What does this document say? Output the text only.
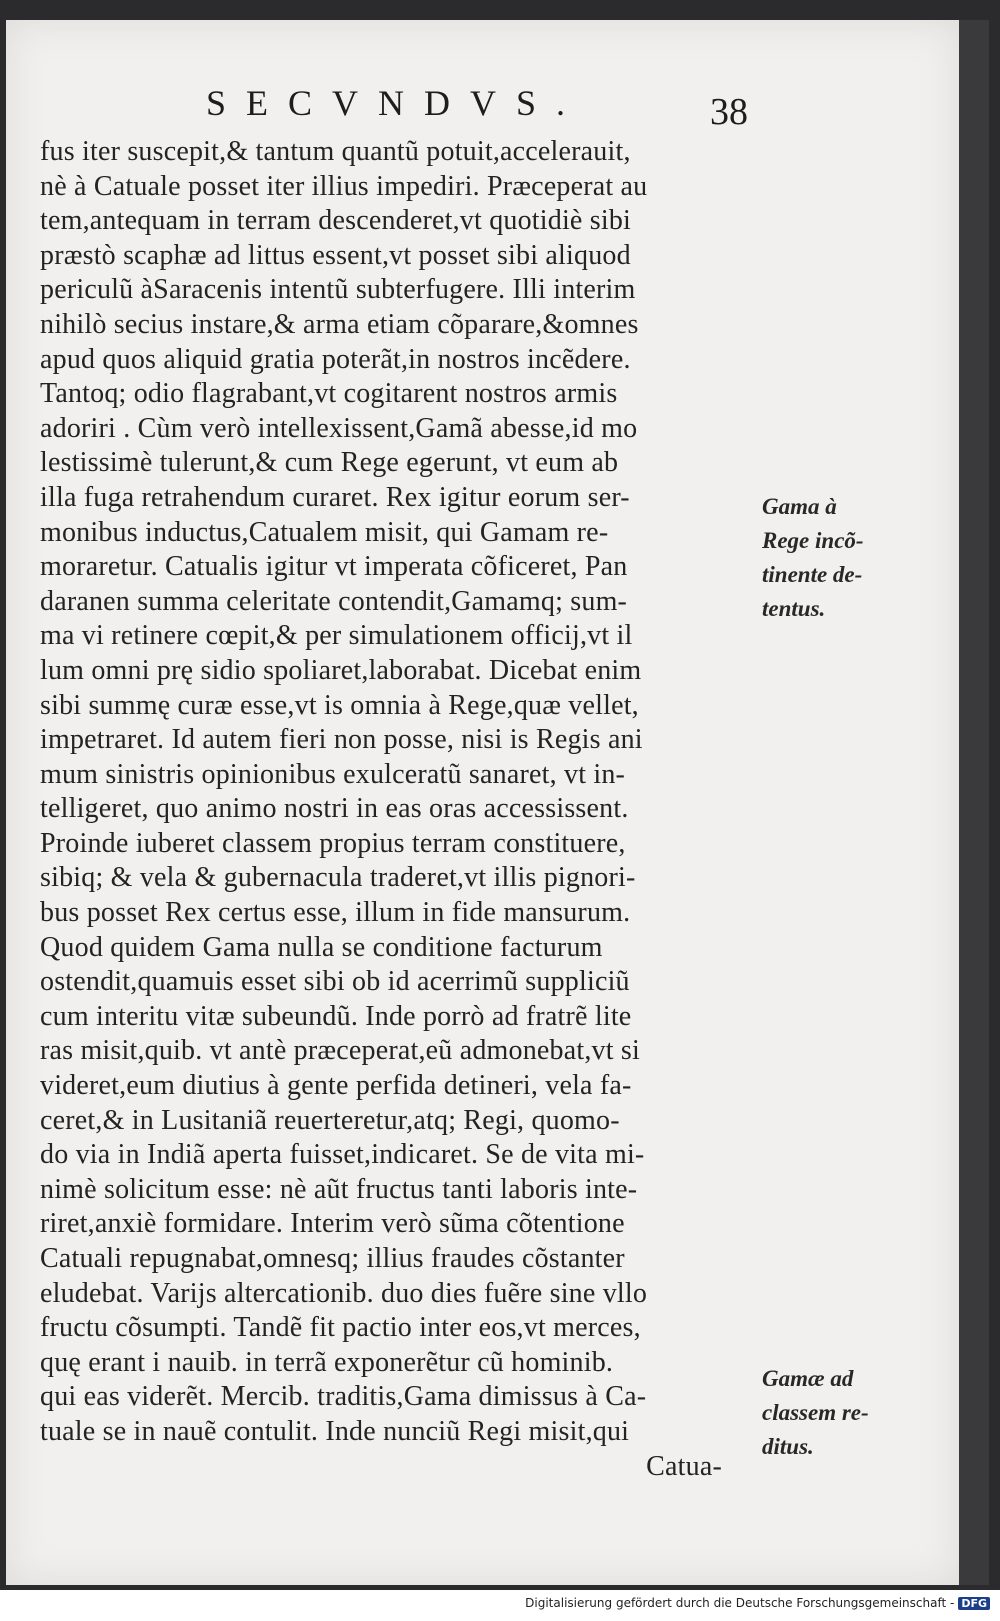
SECVNDVS.	38
fus iter suscepit,& tantum quantũ potuit,accelerauit,
nè à Catuale posset iter illius impediri. Præceperat au
tem,antequam in terram descenderet,vt quotidiè sibi
præstò scaphæ ad littus essent,vt posset sibi aliquod
periculũ àSaracenis intentũ subterfugere. Illi interim
nihilò secius instare,& arma etiam cõparare,&omnes
apud quos aliquid gratia poterãt,in nostros incẽdere.
Tantoq; odio flagrabant,vt cogitarent nostros armis
adoriri . Cùm verò intellexissent,Gamã abesse,id mo
lestissimè tulerunt,& cum Rege egerunt, vt eum ab
illa fuga retrahendum curaret. Rex igitur eorum ser-
monibus inductus,Catualem misit, qui Gamam re-
moraretur. Catualis igitur vt imperata cõficeret, Pan
daranen summa celeritate contendit,Gamamq; sum-
ma vi retinere cœpit,& per simulationem officij,vt il
lum omni prę sidio spoliaret,laborabat. Dicebat enim
sibi summę curæ esse,vt is omnia à Rege,quæ vellet,
impetraret. Id autem fieri non posse, nisi is Regis ani
mum sinistris opinionibus exulceratũ sanaret, vt in-
telligeret, quo animo nostri in eas oras accessissent.
Proinde iuberet classem propius terram constituere,
sibiq; & vela & gubernacula traderet,vt illis pignori-
bus posset Rex certus esse, illum in fide mansurum.
Quod quidem Gama nulla se conditione facturum
ostendit,quamuis esset sibi ob id acerrimũ suppliciũ
cum interitu vitæ subeundũ. Inde porrò ad fratrẽ lite
ras misit,quib. vt antè præceperat,eũ admonebat,vt si
videret,eum diutius à gente perfida detineri, vela fa-
ceret,& in Lusitaniã reuerteretur,atq; Regi, quomo-
do via in Indiã aperta fuisset,indicaret. Se de vita mi-
nimè solicitum esse: nè aũt fructus tanti laboris inte-
riret,anxiè formidare. Interim verò sũma cõtentione
Catuali repugnabat,omnesq; illius fraudes cõstanter
eludebat. Varijs altercationib. duo dies fuẽre sine vllo
fructu cõsumpti. Tandẽ fit pactio inter eos,vt merces,
quę erant i nauib. in terrã exponerẽtur cũ hominib.
qui eas viderẽt. Mercib. traditis,Gama dimissus à Ca-
tuale se in nauẽ contulit. Inde nunciũ Regi misit,qui
Catua-
Gama à
Rege incõ-
tinente de-
tentus.
Gamæ ad
classem re-
ditus.
Digitalisierung gefördert durch die Deutsche Forschungsgemeinschaft - DFG
